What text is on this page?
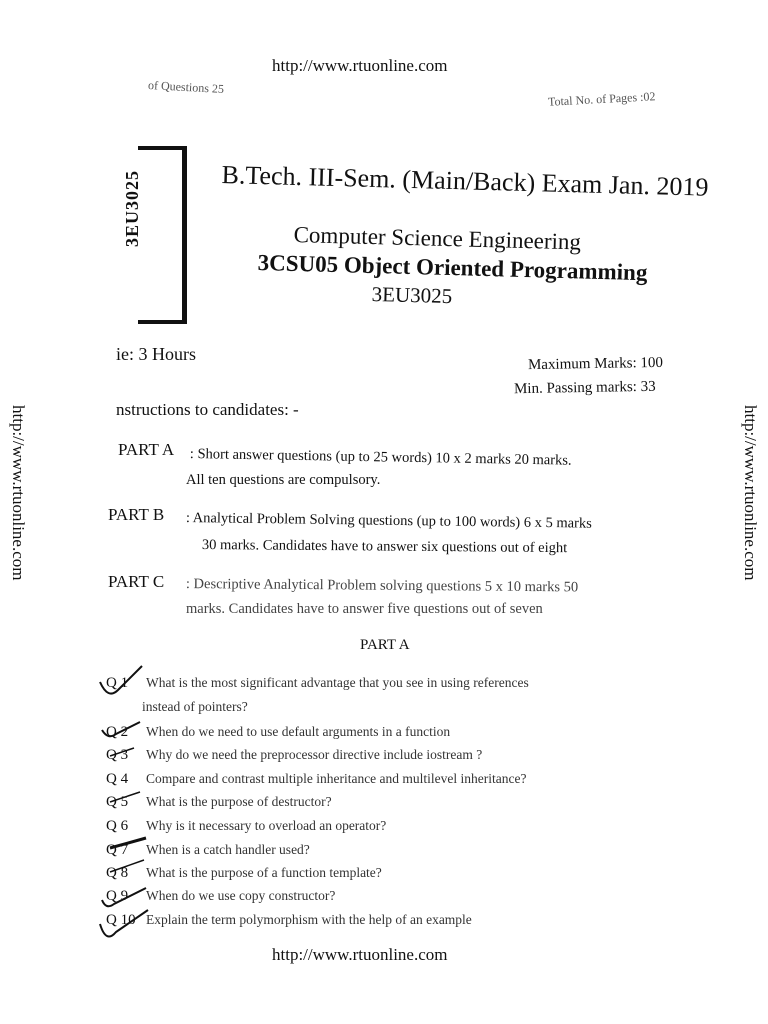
http://www.rtuonline.com
http://www.rtuonline.com	http://www.rtuonline.com
of Questions 25
Total No. of Pages :02
3EU3025	B.Tech. III-Sem. (Main/Back) Exam Jan. 2019
Computer Science Engineering
3CSU05 Object Oriented Programming
3EU3025
ie: 3 Hours
Maximum Marks: 100
Min. Passing marks: 33
nstructions to candidates: -
PART A : Short answer questions (up to 25 words) 10 x 2 marks 20 marks.
All ten questions are compulsory.
PART B : Analytical Problem Solving questions (up to 100 words) 6 x 5 marks
30 marks. Candidates have to answer six questions out of eight
PART C : Descriptive Analytical Problem solving questions 5 x 10 marks 50
marks. Candidates have to answer five questions out of seven
PART A
Q 1 What is the most significant advantage that you see in using references
instead of pointers?
Q 2 When do we need to use default arguments in a function
Q 3 Why do we need the preprocessor directive include iostream ?
Q 4 Compare and contrast multiple inheritance and multilevel inheritance?
Q 5 What is the purpose of destructor?
Q 6 Why is it necessary to overload an operator?
Q 7 When is a catch handler used?
Q 8 What is the purpose of a function template?
Q 9 When do we use copy constructor?
Q 10 Explain the term polymorphism with the help of an example
http://www.rtuonline.com
